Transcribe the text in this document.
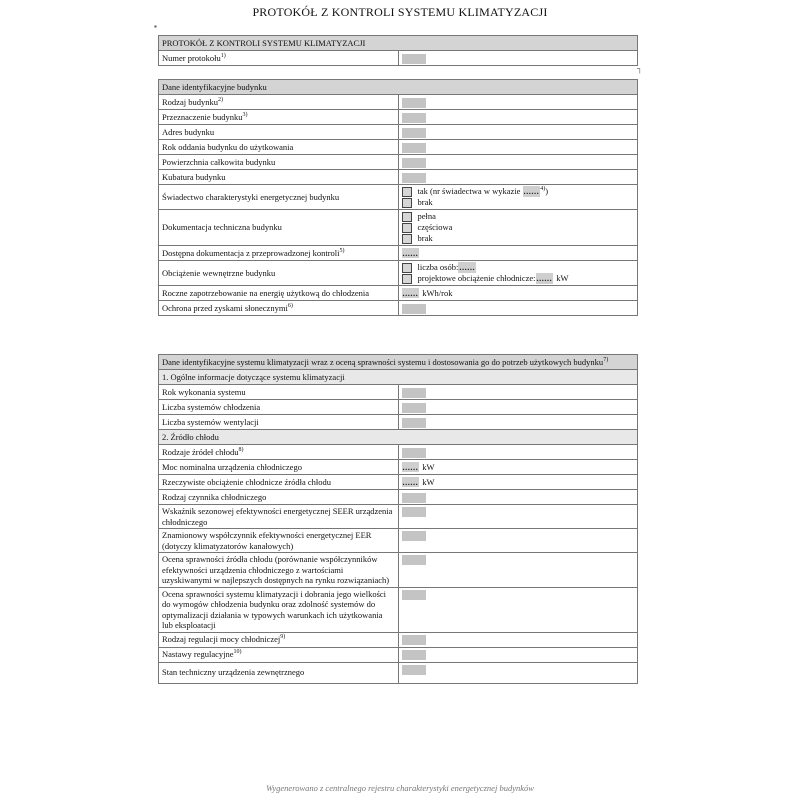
PROTOKÓŁ Z KONTROLI SYSTEMU KLIMATYZACJI
▪
┐
PROTOKÓŁ Z KONTROLI SYSTEMU KLIMATYZACJI
Numer protokołu$^{1)}$	
Dane identyfikacyjne budynku	
Rodzaj budynku$^{2)}$	
Przeznaczenie budynku$^{3)}$	
Adres budynku	
Rok oddania budynku do użytkowania	
Powierzchnia całkowita budynku	
Kubatura budynku	
Świadectwo charakterystyki energetycznej budynku	tak (nr świadectwa w wykazie ......$^{4)}$)
brak

Dokumentacja techniczna budynku	pełna
częściowa
brak

Dostępna dokumentacja z przeprowadzonej kontroli$^{5)}$	......
Obciążenie wewnętrzne budynku	liczba osób: ......
projektowe obciążenie chłodnicze: ...... kW

Roczne zapotrzebowanie na energię użytkową do chłodzenia	...... kWh/rok
Ochrona przed zyskami słonecznymi$^{6)}$	
Dane identyfikacyjne systemu klimatyzacji wraz z oceną sprawności systemu i dostosowania go do potrzeb użytkowych budynku$^{7)}$
1. Ogólne informacje dotyczące systemu klimatyzacji	
Rok wykonania systemu	
Liczba systemów chłodzenia	
Liczba systemów wentylacji	
2. Źródło chłodu	
Rodzaje źródeł chłodu$^{8)}$	
Moc nominalna urządzenia chłodniczego	...... kW
Rzeczywiste obciążenie chłodnicze źródła chłodu	...... kW
Rodzaj czynnika chłodniczego	
Wskaźnik sezonowej efektywności energetycznej SEER urządzenia chłodniczego	
Znamionowy współczynnik efektywności energetycznej EER (dotyczy klimatyzatorów kanałowych)	
Ocena sprawności źródła chłodu (porównanie współczynników efektywności urządzenia chłodniczego z wartościami uzyskiwanymi w najlepszych dostępnych na rynku rozwiązaniach)	
Ocena sprawności systemu klimatyzacji i dobrania jego wielkości do wymogów chłodzenia budynku oraz zdolność systemów do optymalizacji działania w typowych warunkach ich użytkowania lub eksploatacji	
Rodzaj regulacji mocy chłodniczej$^{9)}$	
Nastawy regulacyjne$^{10)}$	
Stan techniczny urządzenia zewnętrznego	
Wygenerowano z centralnego rejestru charakterystyki energetycznej budynków
